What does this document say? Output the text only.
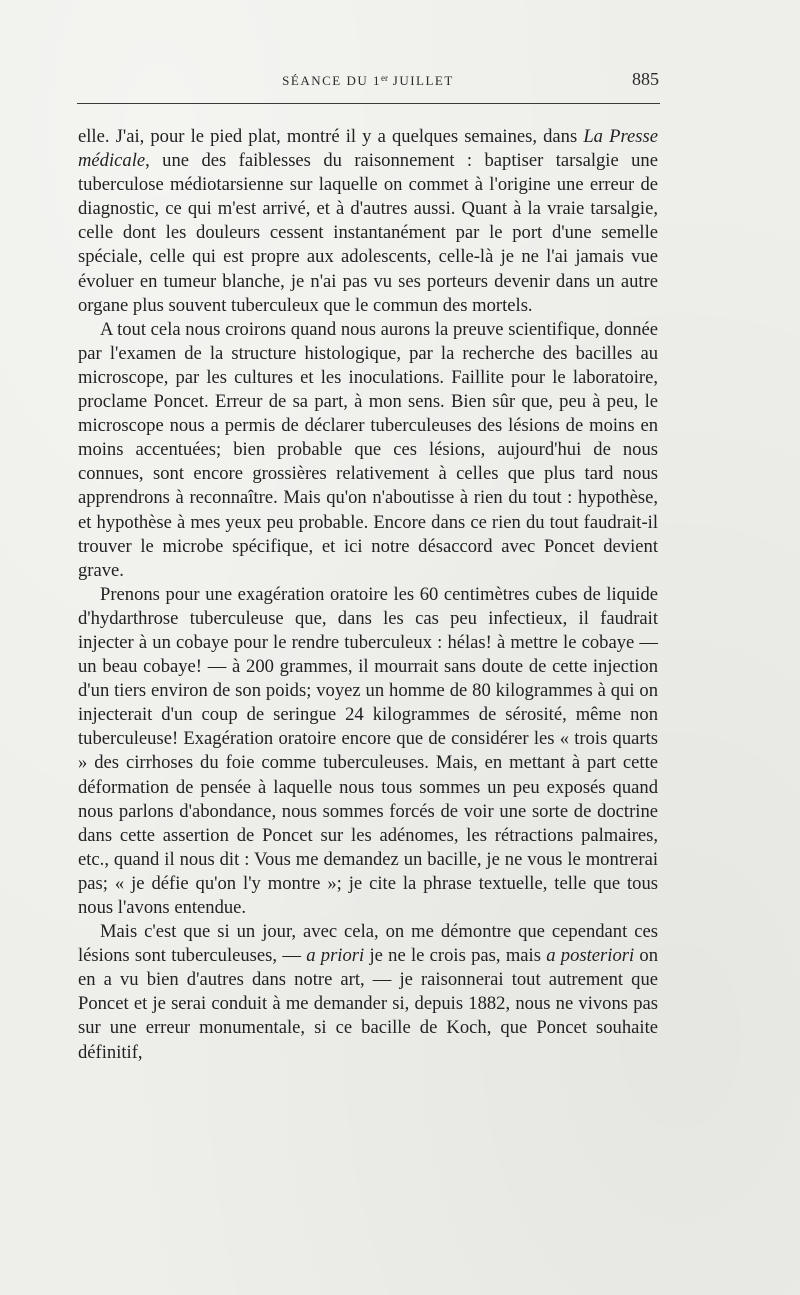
SÉANCE DU 1er JUILLET	885

elle. J'ai, pour le pied plat, montré il y a quelques semaines, dans La Presse médicale, une des faiblesses du raisonnement : baptiser tarsalgie une tuberculose médiotarsienne sur laquelle on commet à l'origine une erreur de diagnostic, ce qui m'est arrivé, et à d'autres aussi. Quant à la vraie tarsalgie, celle dont les douleurs cessent instantanément par le port d'une semelle spéciale, celle qui est propre aux adolescents, celle-là je ne l'ai jamais vue évoluer en tumeur blanche, je n'ai pas vu ses porteurs devenir dans un autre organe plus souvent tuberculeux que le commun des mortels.

A tout cela nous croirons quand nous aurons la preuve scientifique, donnée par l'examen de la structure histologique, par la recherche des bacilles au microscope, par les cultures et les inoculations. Faillite pour le laboratoire, proclame Poncet. Erreur de sa part, à mon sens. Bien sûr que, peu à peu, le microscope nous a permis de déclarer tuberculeuses des lésions de moins en moins accentuées; bien probable que ces lésions, aujourd'hui de nous connues, sont encore grossières relativement à celles que plus tard nous apprendrons à reconnaître. Mais qu'on n'aboutisse à rien du tout : hypothèse, et hypothèse à mes yeux peu probable. Encore dans ce rien du tout faudrait-il trouver le microbe spécifique, et ici notre désaccord avec Poncet devient grave.

Prenons pour une exagération oratoire les 60 centimètres cubes de liquide d'hydarthrose tuberculeuse que, dans les cas peu infectieux, il faudrait injecter à un cobaye pour le rendre tuberculeux : hélas! à mettre le cobaye — un beau cobaye! — à 200 grammes, il mourrait sans doute de cette injection d'un tiers environ de son poids; voyez un homme de 80 kilogrammes à qui on injecterait d'un coup de seringue 24 kilogrammes de sérosité, même non tuberculeuse! Exagération oratoire encore que de considérer les « trois quarts » des cirrhoses du foie comme tuberculeuses. Mais, en mettant à part cette déformation de pensée à laquelle nous tous sommes un peu exposés quand nous parlons d'abondance, nous sommes forcés de voir une sorte de doctrine dans cette assertion de Poncet sur les adénomes, les rétractions palmaires, etc., quand il nous dit : Vous me demandez un bacille, je ne vous le montrerai pas; « je défie qu'on l'y montre »; je cite la phrase textuelle, telle que tous nous l'avons entendue.

Mais c'est que si un jour, avec cela, on me démontre que cependant ces lésions sont tuberculeuses, — a priori je ne le crois pas, mais a posteriori on en a vu bien d'autres dans notre art, — je raisonnerai tout autrement que Poncet et je serai conduit à me demander si, depuis 1882, nous ne vivons pas sur une erreur monumentale, si ce bacille de Koch, que Poncet souhaite définitif,
